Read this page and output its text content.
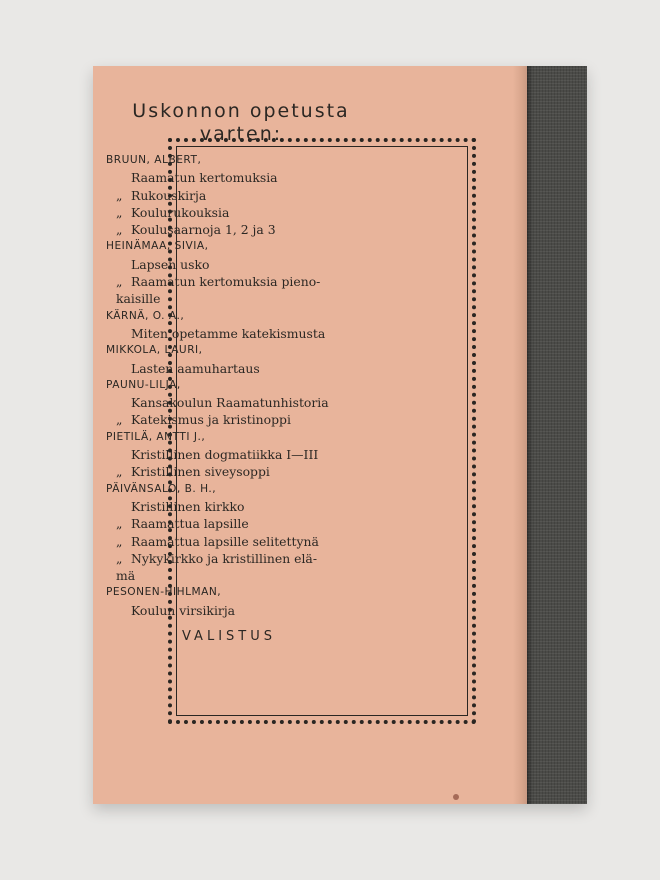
Uskonnon opetusta
varten:
BRUUN, ALBERT,
Raamatun kertomuksia
„ Rukouskirja
„ Koulurukouksia
„ Koulusaarnoja 1, 2 ja 3
HEINÄMAA, SIVIA,
Lapsen usko
„ Raamatun kertomuksia pieno-
kaisille
KÄRNÄ, O. A.,
Miten opetamme katekismusta
MIKKOLA, LAURI,
Lasten aamuhartaus
PAUNU-LILJA,
Kansakoulun Raamatunhistoria
„ Katekismus ja kristinoppi
PIETILÄ, ANTTI J.,
Kristillinen dogmatiikka I—III
„ Kristillinen siveysoppi
PÄIVÄNSALO, B. H.,
Kristillinen kirkko
„ Raamattua lapsille
„ Raamattua lapsille selitettynä
„ Nykykirkko ja kristillinen elä-
mä
PESONEN-HIHLMAN,
Koulun virsikirja
VALISTUS
